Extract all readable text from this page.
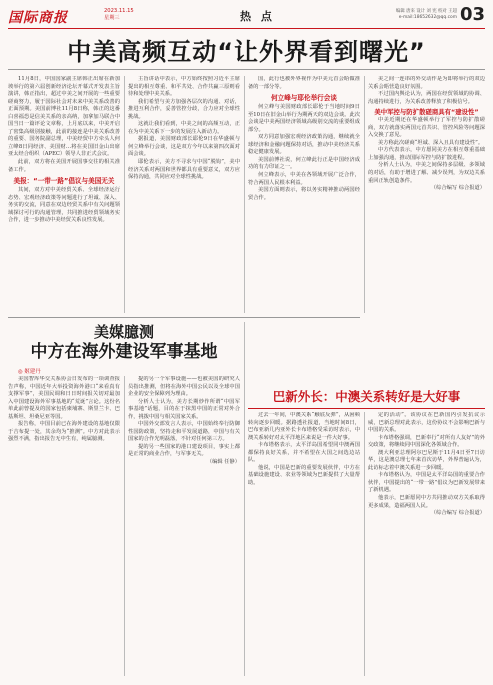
国际商报	2023.11.15
星期三	热 点	编辑 唐来 设计 刘 宪 校对 王超
e-mail:18652632@qq.com 03
中美高频互动“让外界看到曙光”

11月8日，中国国家副主席韩正出席在新加坡举行的第六届创新经济论坛开幕式开发表主旨演讲，韩正指出，超过中美之间开展的一些重要磋商努力，履于国际社会对未来中美关系改善的正面预期。美国前博社11月8日称，韩正的这番白喜福恐是信美关系的亲高纳，加拿加马联合中国当日一篇评论文章称，上月底以来，中美开启了密集高级别接触，此前的接连是中美关系改善的重要、国务院副总理，中美经贸中方牵头人何立峰8日同经济、美国财…将在美国旧金山出席亚太经合组织（APEC）领导人非正式会议。

此前，双方将在美国开展国事交往的相关准备工作。

美报：“一带一路”倡议与美国无关

其间，双方对中美经贸关系、全球经济运行态势、宏观经济政策等问题进行了坦诚、深入、务实的交流，同意在双边经贸关系中有关问题领域探讨可行的沟通管理，共同推进经贸领域务实合作，进一步推动中美经贸关系良性发展。

主旨讲话中表示，中方始终按照习近平主席提出的相互尊重、和平共处、合作共赢三原则看待和处理中美关系。

我们希望与美方加强各层次的沟通、对话，推进互利合作，妥善管控分歧，合力应对全球性挑战。

这就让我们看到，中美之间的高频互动，正在为中美关系下一步的发展注入新动力。

据报道，美国财政部长耶伦9日在华盛顿与何立峰举行会谈，这是双方今年以来第四次面对面会谈。

耶伦表示，美方不寻求与中国“脱钩”，美中经济关系对两国和世界都具有重要意义，双方应保持沟通，共同应对全球性挑战。

国，此行也被外界视作为中美元首会晤做准备的一部分等。

何立峰与耶伦举行会谈

何立峰与美国财政部长耶伦于当地时间9日至10日在旧金山举行为期两天的双边会谈。此次会谈是中美两国经济领域高级别交流的重要组成部分。

双方同意加强宏观经济政策沟通，继续就全球经济和金融问题保持对话，推动中美经济关系稳定健康发展。

美国前博社说，何立峰此行正是中国经济成功的有力印证之一。

何立峰表示，中美在各领域开展广泛合作，符合两国人民根本利益。

美国方面则表示，将以务实精神推动两国经贸合作。

美之间一连串的外交动作是为即将举行的双边关系会晤营造良好氛围。

不过国内舆论认为，两国在经贸领域的协调、沟通持续进行，为关系改善释放了积极信号。

美中军控与防扩散磋商具有“建设性”

中美近期还在华盛顿举行了军控与防扩散磋商，双方就落实两国元首共识、管控风险等问题深入交换了意见。

美方称此次磋商“坦诚、深入且具有建设性”。

中方代表表示，中方愿同美方在相互尊重基础上加强沟通，推动国际军控与防扩散进程。

分析人士认为，中美之间保持多层级、多领域的对话，有助于增进了解、减少误判，为双边关系重回正轨创造条件。

（综合编写 综合报道）

美媒臆测
中方在海外建设军事基地
◎ 姬建丹

美国智库华交关系协会日发布的一项调查报告声称，中国近年大举投资海外港口“来看真有支撑军事”，美国民调和日日时间报关切对最加入中国建设海外军事基地的“荒诞”言论。这份名单此前曾提及的国家包括柬埔寨、斯里兰卡、巴基斯坦、坦桑尼亚等国。

报告称，中国目前已在海外建设的基地仅限于吉布提一处，其余均为“推测”。中方对此表示强烈不满，指出报告无中生有，纯属臆测。

提的另一个军事设施——也被美国的研究人员指出推测，但将在海外中国公民以及全球中国企业的安全保障列为理由。

分析人士认为，美方长期炒作所谓“中国军事基地”话题，目的在于抹黑中国的正常对外合作，挑拨中国与相关国家关系。

中国外交部发言人表示，中国始终奉行防御性国防政策，坚持走和平发展道路，中国与有关国家的合作光明磊落，不针对任何第三方。

提的另一些国家的港口建设项目，事实上都是正常的商业合作，与军事无关。

（编辑 任静）

巴新外长：中澳关系转好是大好事

过去一年间，中澳关系“触底反弹”，从困顿转向逐步回暖。据路透社报道，当地时间8日，巴布亚新几内亚外长卡布塔格受采访时表示，中澳关系转好对太平洋地区来说是一件大好事。

卡布塔格表示，太平洋岛国希望同中澳两国都保持良好关系，并不希望在大国之间选边站队。

他说，中国是巴新的重要发展伙伴，中方在基础设施建设、农业等领域为巴新提供了大量帮助。

定的活动”。该协议在巴新国内引发抗议示威，巴新总理对此表示，这份协议不会影响巴新与中国的关系。

卡布塔格强调，巴新奉行“对所有人友好”的外交政策，将继续同中国深化各领域合作。

澳大利亚总理阿尔巴尼斯于11月4日至7日访华，这是澳总理七年来首次访华，外界普遍认为，此访标志着中澳关系进一步回暖。

卡布塔格认为，中国是太平洋岛国的重要合作伙伴，中国提出的“一带一路”倡议为巴新发展带来了新机遇。

他表示，巴新愿同中方共同推动双方关系取得更多成果，造福两国人民。

（综合编写 综合报道）
